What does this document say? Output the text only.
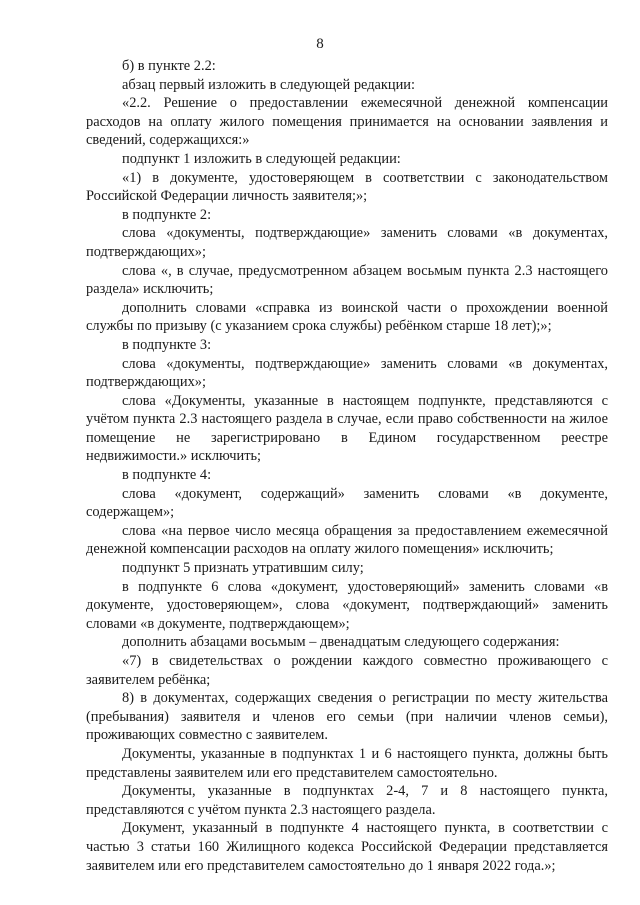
8

б) в пункте 2.2:

абзац первый изложить в следующей редакции:

«2.2. Решение о предоставлении ежемесячной денежной компенсации расходов на оплату жилого помещения принимается на основании заявления и сведений, содержащихся:»

подпункт 1 изложить в следующей редакции:

«1) в документе, удостоверяющем в соответствии с законодательством Российской Федерации личность заявителя;»;

в подпункте 2:

слова «документы, подтверждающие» заменить словами «в документах, подтверждающих»;

слова «, в случае, предусмотренном абзацем восьмым пункта 2.3 настоящего раздела» исключить;

дополнить словами «справка из воинской части о прохождении военной службы по призыву (с указанием срока службы) ребёнком старше 18 лет);»;

в подпункте 3:

слова «документы, подтверждающие» заменить словами «в документах, подтверждающих»;

слова «Документы, указанные в настоящем подпункте, представляются с учётом пункта 2.3 настоящего раздела в случае, если право собственности на жилое помещение не зарегистрировано в Едином государственном реестре недвижимости.» исключить;

в подпункте 4:

слова «документ, содержащий» заменить словами «в документе, содержащем»;

слова «на первое число месяца обращения за предоставлением ежемесячной денежной компенсации расходов на оплату жилого помещения» исключить;

подпункт 5 признать утратившим силу;

в подпункте 6 слова «документ, удостоверяющий» заменить словами «в документе, удостоверяющем», слова «документ, подтверждающий» заменить словами «в документе, подтверждающем»;

дополнить абзацами восьмым – двенадцатым следующего содержания:

«7) в свидетельствах о рождении каждого совместно проживающего с заявителем ребёнка;

8) в документах, содержащих сведения о регистрации по месту жительства (пребывания) заявителя и членов его семьи (при наличии членов семьи), проживающих совместно с заявителем.

Документы, указанные в подпунктах 1 и 6 настоящего пункта, должны быть представлены заявителем или его представителем самостоятельно.

Документы, указанные в подпунктах 2-4, 7 и 8 настоящего пункта, представляются с учётом пункта 2.3 настоящего раздела.

Документ, указанный в подпункте 4 настоящего пункта, в соответствии с частью 3 статьи 160 Жилищного кодекса Российской Федерации представляется заявителем или его представителем самостоятельно до 1 января 2022 года.»;
